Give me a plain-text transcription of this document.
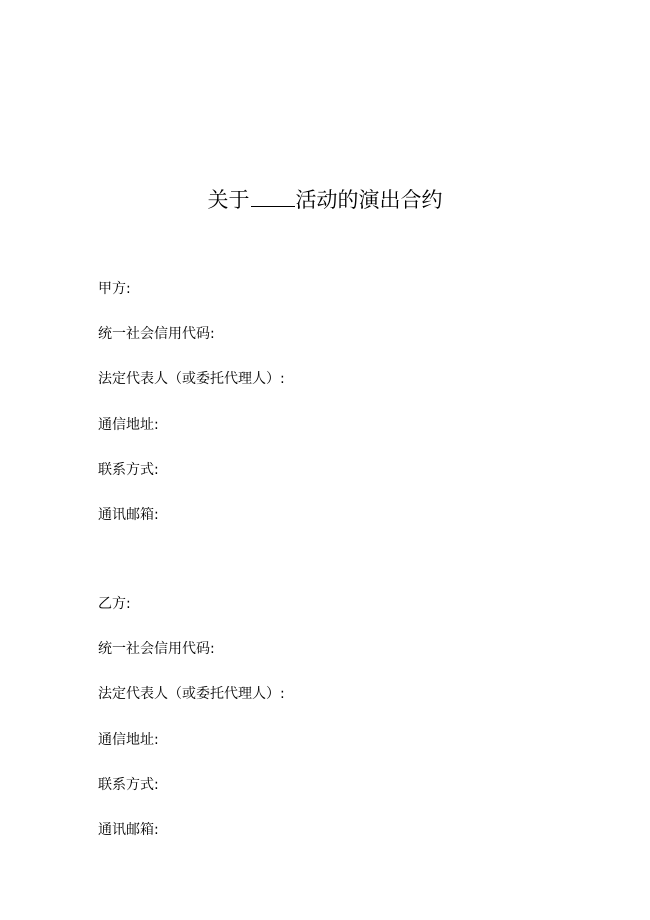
关于 活动的演出合约
甲方:
统一社会信用代码:
法定代表人（或委托代理人）:
通信地址:
联系方式:
通讯邮箱:
乙方:
统一社会信用代码:
法定代表人（或委托代理人）:
通信地址:
联系方式:
通讯邮箱:
